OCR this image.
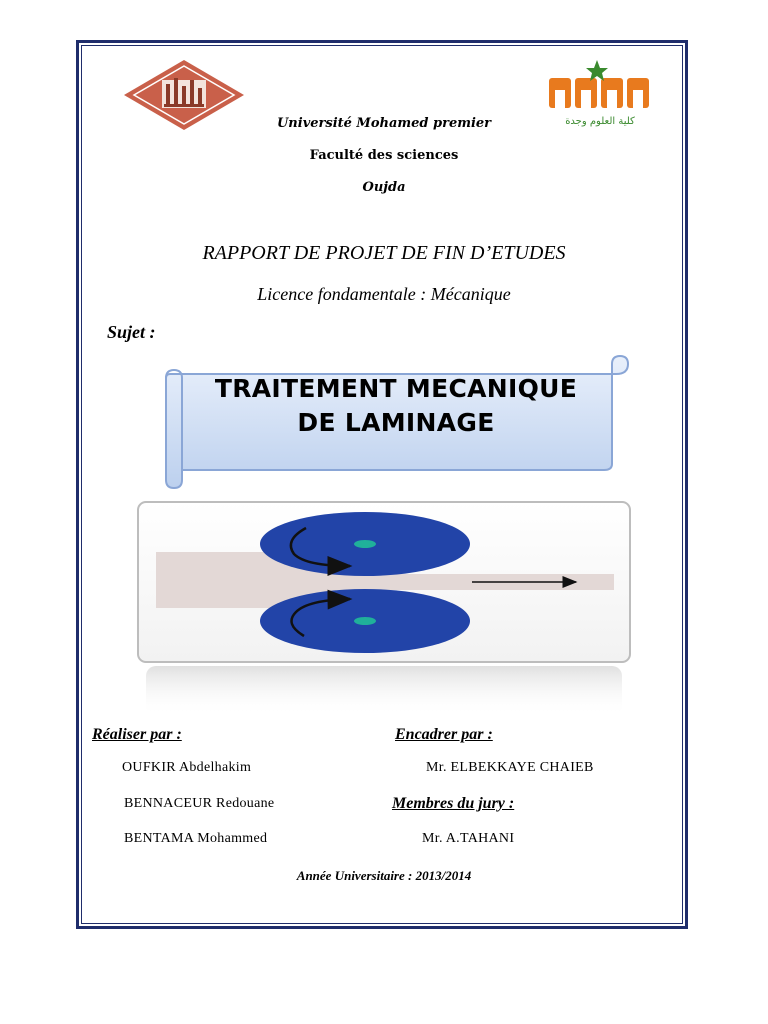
كلية العلوم وجدة
Université Mohamed premier
Faculté des sciences
Oujda
RAPPORT DE PROJET DE FIN D’ETUDES
Licence fondamentale : Mécanique
Sujet :
TRAITEMENT MECANIQUE
DE LAMINAGE
Réaliser par :
OUFKIR Abdelhakim
BENNACEUR Redouane
BENTAMA Mohammed
Encadrer par :
Mr. ELBEKKAYE CHAIEB
Membres du jury :
Mr. A.TAHANI
Année Universitaire : 2013/2014
